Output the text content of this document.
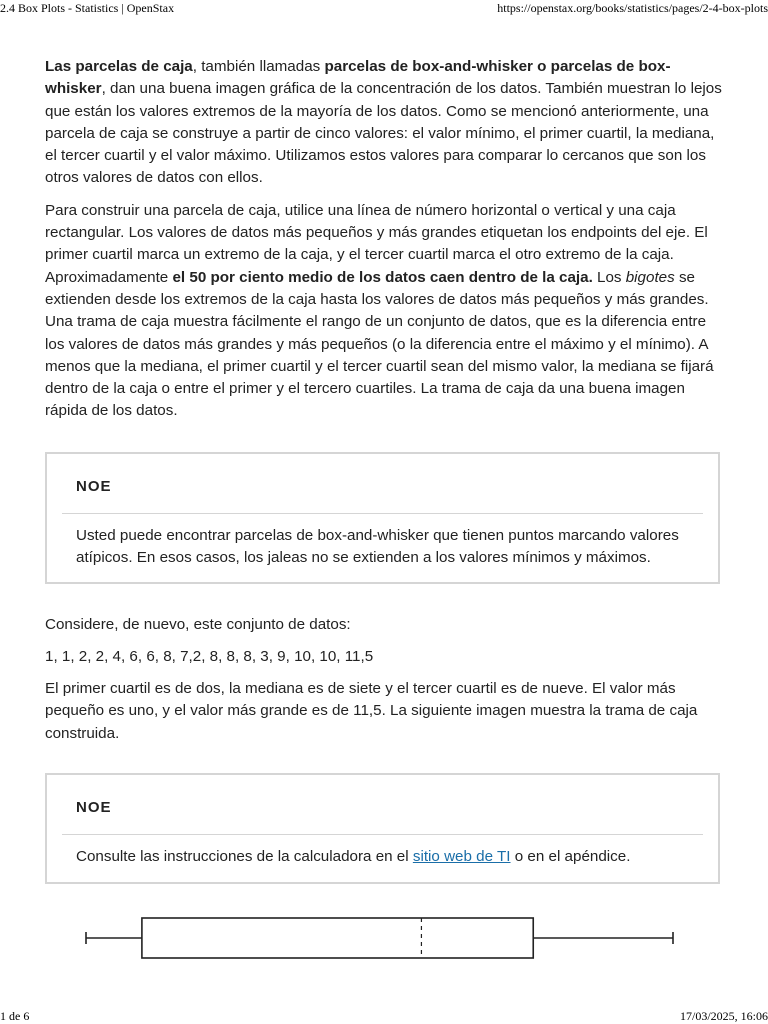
2.4 Box Plots - Statistics | OpenStax	https://openstax.org/books/statistics/pages/2-4-box-plots

Las parcelas de caja, también llamadas parcelas de box-and-whisker o parcelas de box-whisker, dan una buena imagen gráfica de la concentración de los datos. También muestran lo lejos que están los valores extremos de la mayoría de los datos. Como se mencionó anteriormente, una parcela de caja se construye a partir de cinco valores: el valor mínimo, el primer cuartil, la mediana, el tercer cuartil y el valor máximo. Utilizamos estos valores para comparar lo cercanos que son los otros valores de datos con ellos.

Para construir una parcela de caja, utilice una línea de número horizontal o vertical y una caja rectangular. Los valores de datos más pequeños y más grandes etiquetan los endpoints del eje. El primer cuartil marca un extremo de la caja, y el tercer cuartil marca el otro extremo de la caja. Aproximadamente el 50 por ciento medio de los datos caen dentro de la caja. Los bigotes se extienden desde los extremos de la caja hasta los valores de datos más pequeños y más grandes. Una trama de caja muestra fácilmente el rango de un conjunto de datos, que es la diferencia entre los valores de datos más grandes y más pequeños (o la diferencia entre el máximo y el mínimo). A menos que la mediana, el primer cuartil y el tercer cuartil sean del mismo valor, la mediana se fijará dentro de la caja o entre el primer y el tercero cuartiles. La trama de caja da una buena imagen rápida de los datos.

NOE
Usted puede encontrar parcelas de box-and-whisker que tienen puntos marcando valores atípicos. En esos casos, los jaleas no se extienden a los valores mínimos y máximos.

Considere, de nuevo, este conjunto de datos:

1, 1, 2, 2, 4, 6, 6, 8, 7,2, 8, 8, 8, 3, 9, 10, 10, 11,5

El primer cuartil es de dos, la mediana es de siete y el tercer cuartil es de nueve. El valor más pequeño es uno, y el valor más grande es de 11,5. La siguiente imagen muestra la trama de caja construida.

NOE
Consulte las instrucciones de la calculadora en el sitio web de TI o en el apéndice.
1 de 6	17/03/2025, 16:06
